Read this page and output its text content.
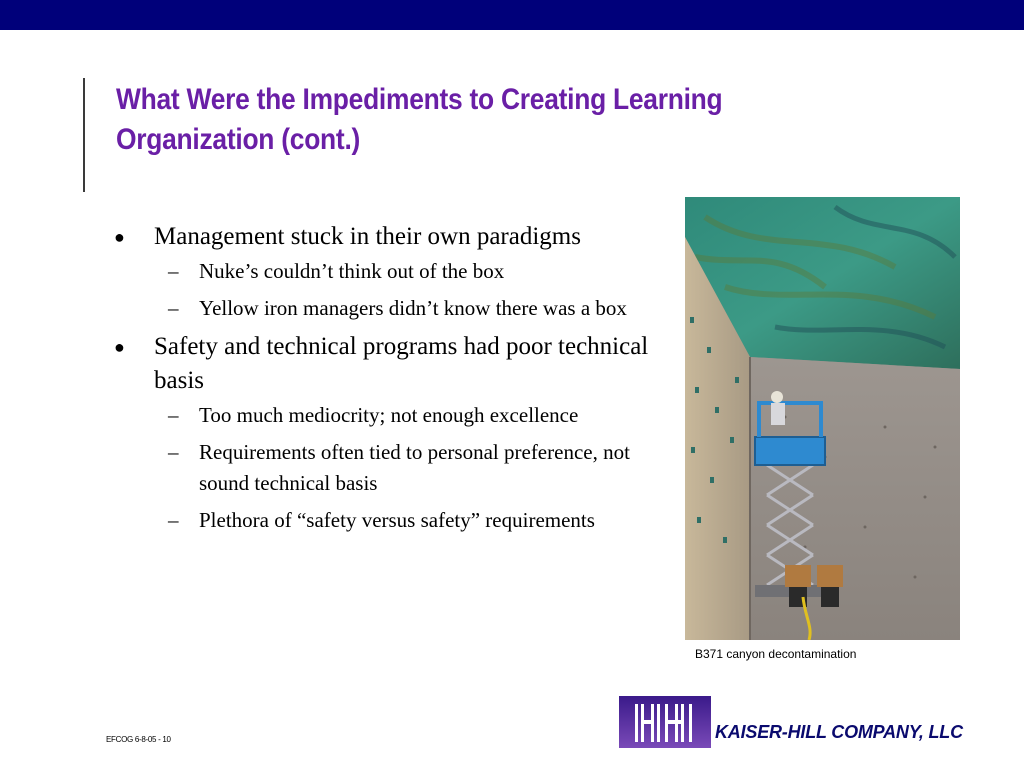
What Were the Impediments to Creating Learning
Organization (cont.)
● Management stuck in their own paradigms
– Nuke’s couldn’t think out of the box
– Yellow iron managers didn’t know there was a box
● Safety and technical programs had poor technical basis
– Too much mediocrity; not enough excellence
– Requirements often tied to personal preference, not sound technical basis
– Plethora of “safety versus safety” requirements
B371 canyon decontamination
EFCOG 6-8-05 - 10	KAISER-HILL COMPANY, LLC
